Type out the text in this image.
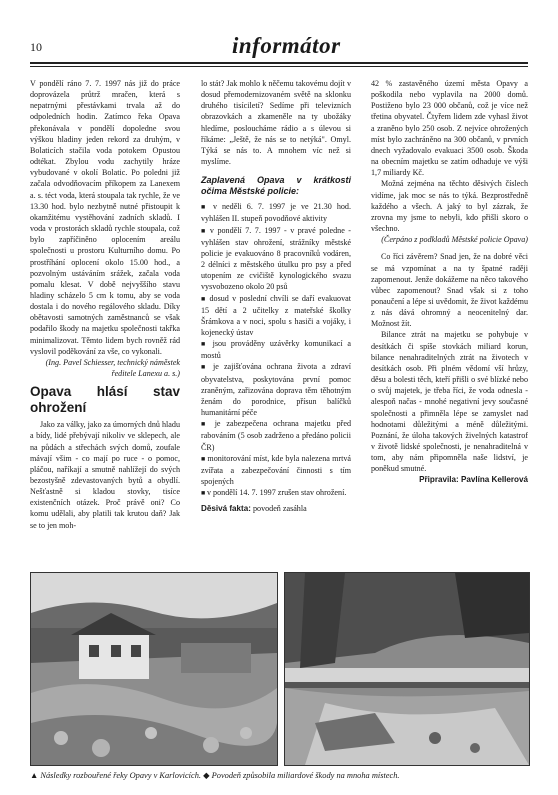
10	informátor

V pondělí ráno 7. 7. 1997 nás již do práce doprovázela průtrž mračen, která s nepatrnými přestávkami trvala až do odpoledních hodin. Zatímco řeka Opava překonávala v pondělí dopoledne svou výškou hladiny jeden rekord za druhým, v Bolaticích stačila voda potokem Opustou odtékat. Zbylou vodu zachytily hráze vybudované v okolí Bolatic. Po poledni již začala odvodňovacím příkopem za Lanexem a. s. téct voda, která stoupala tak rychle, že ve 13.30 hod. bylo nezbytně nutné přistoupit k okamžitému vystěhování zadních skladů. I voda v prostorách skladů rychle stoupala, což bylo zapříčiněno oplocením areálu společnosti u prostoru Kulturního domu. Po prostříhání oplocení okolo 15.00 hod., a pozvolným ustáváním srážek, začala voda pomalu klesat. V době nejvyššího stavu hladiny scházelo 5 cm k tomu, aby se voda dostala i do nového regálového skladu. Díky obětavosti samotných zaměstnanců se však podařilo škody na majetku společnosti takřka minimalizovat. Těmto lidem bych rovněž rád vyslovil poděkování za vše, co vykonali.

(Ing. Pavel Schiesser, technický náměstek ředitele Lanexu a. s.)

Opava hlásí stav ohrožení

Jako za války, jako za úmorných dnů hladu a bídy, lidé přebývají nikoliv ve sklepech, ale na půdách a střechách svých domů, zoufale mávají všim - co mají po ruce - o pomoc, pláčou, naříkají a smutně nahlížejí do svých bezostyšně zdevastovaných bytů a obydlí. Nešťastně si kladou stovky, tisíce existenčních otázek. Proč právě oni? Co komu udělali, aby platili tak krutou daň? Jak se to jen moh-

lo stát? Jak mohlo k něčemu takovému dojít v dosud přemodernizovaném světě na sklonku druhého tisíciletí? Sedíme při televizních obrazovkách a zkameněle na ty ubožáky hledíme, posloucháme rádio a s úlevou si říkáme: „Ještě, že nás se to netýká". Omyl. Týká se nás to. A mnohem víc než si myslíme.

Zaplavená Opava v krátkosti očima Městské policie:

■ v neděli 6. 7. 1997 je ve 21.30 hod. vyhlášen II. stupeň povodňové aktivity

■ v pondělí 7. 7. 1997 - v pravé poledne - vyhlášen stav ohrožení, strážníky městské policie je evakuováno 8 pracovníků vodáren, 2 délníci z městského útulku pro psy a před utopením ze cvičiště kynologického svazu vysvobozeno okolo 20 psů

■ dosud v poslední chvíli se daří evakuovat 15 dětí a 2 učitelky z mateřské školky Šrámkova a v noci, spolu s hasiči a vojáky, i kojenecký ústav

■ jsou prováděny uzávěrky komunikací a mostů

■ je zajišťována ochrana života a zdraví obyvatelstva, poskytována první pomoc zraněným, zařizována doprava těm těhotným ženám do porodnice, přísun balíčků humanitární péče

■ je zabezpečena ochrana majetku před rabováním (5 osob zadrženo a předáno policii ČR)

■ monitorování míst, kde byla nalezena mrtvá zvířata a zabezpečování činnosti s tím spojených

■ v pondělí 14. 7. 1997 zrušen stav ohrožení.

Děsivá fakta: povodeň zasáhla

42 % zastavěného území města Opavy a poškodila nebo vyplavila na 2000 domů. Postiženo bylo 23 000 občanů, což je více než třetina obyvatel. Čtyřem lidem zde vyhasl život a zraněno bylo 250 osob. Z nejvíce ohrožených míst bylo zachráněno na 300 občanů, v prvních dnech vyžadovalo evakuaci 3500 osob. Škoda na obecním majetku se zatím odhaduje ve výši 1,7 miliardy Kč.

Možná zejména na těchto děsivých číslech vidíme, jak moc se nás to týká. Bezprostředně každého a všech. A jaký to byl zázrak, že zrovna my jsme to nebyli, kdo přišli skoro o všechno.

(Čerpáno z podkladů Městské policie Opava)

Co říci závěrem? Snad jen, že na dobré věci se má vzpomínat a na ty špatné raději zapomenout. Jenže dokážeme na něco takového vůbec zapomenout? Snad však si z toho ponaučení a lépe si uvědomit, že život každému z nás dává ohromný a neocenitelný dar. Možnost žít.

Bilance ztrát na majetku se pohybuje v desítkách či spíše stovkách miliard korun, bilance nenahraditelných ztrát na životech v desítkách osob. Při plném vědomí vší hrůzy, děsu a bolesti těch, kteří přišli o své blízké nebo o svůj majetek, je třeba říci, že voda odnesla - alespoň načas - mnohé negativní jevy současné společnosti a přimněla lépe se zamyslet nad hodnotami důležitými a méně důležitými. Poznání, že úloha takových živelných katastrof v životě lidské společnosti, je nenahraditelná v tom, aby nám připomněla naše lidství, je poněkud smutné.

Připravila: Pavlína Kellerová

▲ Následky rozbouřené řeky Opavy v Karlovicích. ◆ Povodeň způsobila miliardové škody na mnoha místech.
